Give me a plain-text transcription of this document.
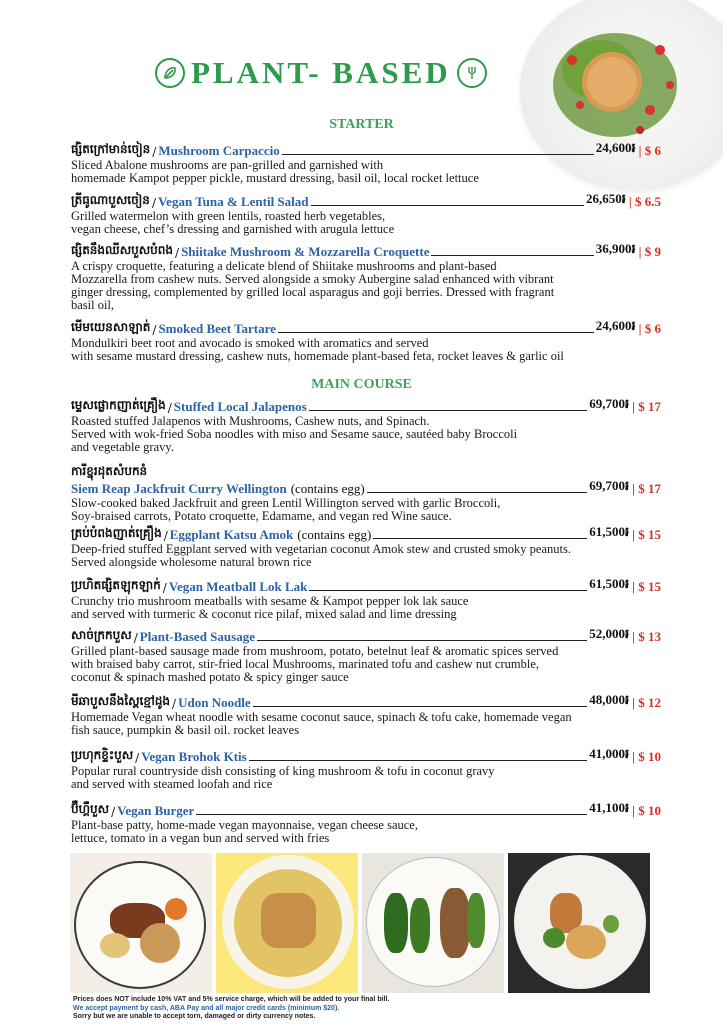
PLANT- BASED
STARTER
ផ្សិតក្រៅមាន់ចៀន / Mushroom Carpaccio	24,600៛ | $ 6
Sliced Abalone mushrooms are pan-grilled and garnished with
homemade Kampot pepper pickle, mustard dressing, basil oil, local rocket lettuce
ត្រីធូណាបួសចៀន / Vegan Tuna & Lentil Salad	26,650៛ | $ 6.5
Grilled watermelon with green lentils, roasted herb vegetables,
vegan cheese, chef’s dressing and garnished with arugula lettuce
ផ្សិតនឹងឈីសបួសបំពង / Shiitake Mushroom & Mozzarella Croquette	36,900៛ | $ 9
A crispy croquette, featuring a delicate blend of Shiitake mushrooms and plant-based
Mozzarella from cashew nuts. Served alongside a smoky Aubergine salad enhanced with vibrant
ginger dressing, complemented by grilled local asparagus and goji berries. Dressed with fragrant
basil oil,
មើមយេនសាឡាត់ / Smoked Beet Tartare	24,600៛ | $ 6
Mondulkiri beet root and avocado is smoked with aromatics and served
with sesame mustard dressing, cashew nuts, homemade plant-based feta, rocket leaves & garlic oil
MAIN COURSE
ម្ទេសផ្លោកញាត់គ្រឿង / Stuffed Local Jalapenos	69,700៛ | $ 17
Roasted stuffed Jalapenos with Mushrooms, Cashew nuts, and Spinach.
Served with wok-fried Soba noodles with miso and Sesame sauce, sautéed baby Broccoli
and vegetable gravy.
ការីខ្នុរដុតសំបកនំ
Siem Reap Jackfruit Curry Wellington (contains egg)	69,700៛ | $ 17
Slow-cooked baked Jackfruit and green Lentil Willington served with garlic Broccoli,
Soy-braised carrots, Potato croquette, Edamame, and vegan red Wine sauce.
ត្រប់បំពងញាត់គ្រឿង / Eggplant Katsu Amok (contains egg)	61,500៛ | $ 15
Deep-fried stuffed Eggplant served with vegetarian coconut Amok stew and crusted smoky peanuts.
Served alongside wholesome natural brown rice
ប្រហិតផ្សិតឡុកឡាក់ / Vegan Meatball Lok Lak	61,500៛ | $ 15
Crunchy trio mushroom meatballs with sesame & Kampot pepper lok lak sauce
and served with turmeric & coconut rice pilaf, mixed salad and lime dressing
សាច់ក្រកបួស / Plant-Based Sausage	52,000៛ | $ 13
Grilled plant-based sausage made from mushroom, potato, betelnut leaf & aromatic spices served
with braised baby carrot, stir-fried local Mushrooms, marinated tofu and cashew nut crumble,
coconut & spinach mashed potato & spicy ginger sauce
មីឆាបួសនឹងស្ពៃខ្មៅដូង / Udon Noodle	48,000៛ | $ 12
Homemade Vegan wheat noodle with sesame coconut sauce, spinach & tofu cake, homemade vegan
fish sauce, pumpkin & basil oil. rocket leaves
ប្រហុកខ្ទិះបួស / Vegan Brohok Ktis	41,000៛ | $ 10
Popular rural countryside dish consisting of king mushroom & tofu in coconut gravy
and served with steamed loofah and rice
ប៊ឺហ្គឺបួស / Vegan Burger	41,100៛ | $ 10
Plant-base patty, home-made vegan mayonnaise, vegan cheese sauce,
lettuce, tomato in a vegan bun and served with fries
Prices does NOT include 10% VAT and 5% service charge, which will be added to your final bill.
We accept payment by cash, ABA Pay and all major credit cards (minimum $20).
Sorry but we are unable to accept torn, damaged or dirty currency notes.
